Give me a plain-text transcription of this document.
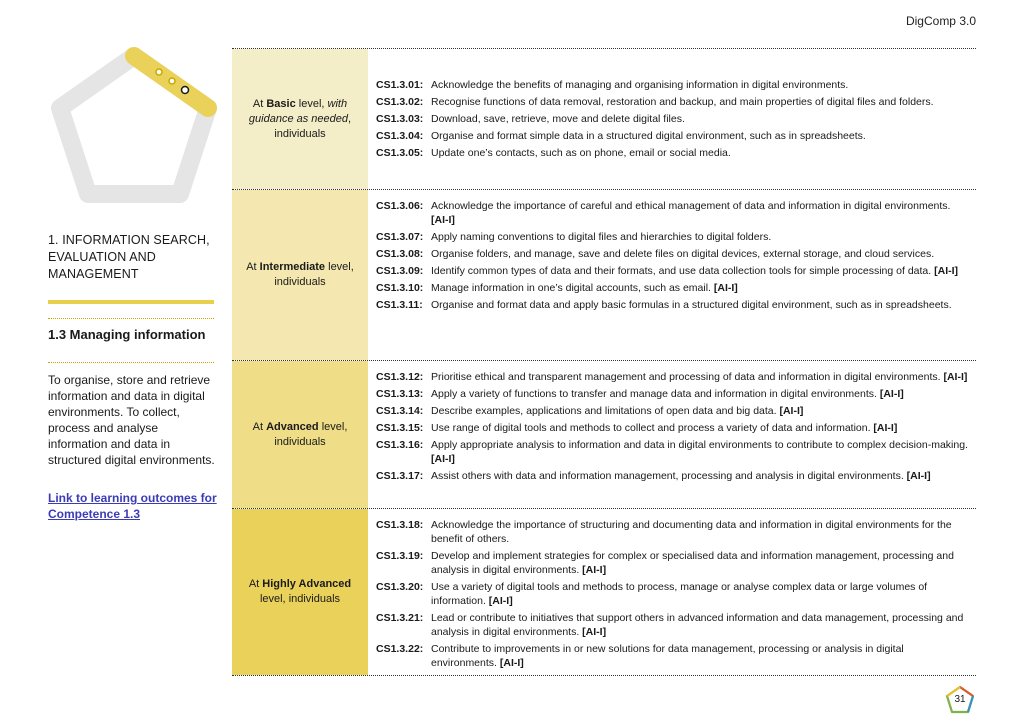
DigComp 3.0
1. INFORMATION SEARCH, EVALUATION AND MANAGEMENT
1.3 Managing information
To organise, store and retrieve information and data in digital environments. To collect, process and analyse information and data in structured digital environments.
Link to learning outcomes for Competence 1.3
At Basic level, with guidance as needed, individuals
CS1.3.01: Acknowledge the benefits of managing and organising information in digital environments.
CS1.3.02: Recognise functions of data removal, restoration and backup, and main properties of digital files and folders.
CS1.3.03: Download, save, retrieve, move and delete digital files.
CS1.3.04: Organise and format simple data in a structured digital environment, such as in spreadsheets.
CS1.3.05: Update one’s contacts, such as on phone, email or social media.
At Intermediate level, individuals
CS1.3.06: Acknowledge the importance of careful and ethical management of data and information in digital environments. [AI-I]
CS1.3.07: Apply naming conventions to digital files and hierarchies to digital folders.
CS1.3.08: Organise folders, and manage, save and delete files on digital devices, external storage, and cloud services.
CS1.3.09: Identify common types of data and their formats, and use data collection tools for simple processing of data. [AI-I]
CS1.3.10: Manage information in one’s digital accounts, such as email. [AI-I]
CS1.3.11: Organise and format data and apply basic formulas in a structured digital environment, such as in spreadsheets.
At Advanced level, individuals
CS1.3.12: Prioritise ethical and transparent management and processing of data and information in digital environments. [AI-I]
CS1.3.13: Apply a variety of functions to transfer and manage data and information in digital environments. [AI-I]
CS1.3.14: Describe examples, applications and limitations of open data and big data. [AI-I]
CS1.3.15: Use range of digital tools and methods to collect and process a variety of data and information. [AI-I]
CS1.3.16: Apply appropriate analysis to information and data in digital environments to contribute to complex decision-making. [AI-I]
CS1.3.17: Assist others with data and information management, processing and analysis in digital environments. [AI-I]
At Highly Advanced level, individuals
CS1.3.18: Acknowledge the importance of structuring and documenting data and information in digital environments for the benefit of others.
CS1.3.19: Develop and implement strategies for complex or specialised data and information management, processing and analysis in digital environments. [AI-I]
CS1.3.20: Use a variety of digital tools and methods to process, manage or analyse complex data or large volumes of information. [AI-I]
CS1.3.21: Lead or contribute to initiatives that support others in advanced information and data management, processing and analysis in digital environments. [AI-I]
CS1.3.22: Contribute to improvements in or new solutions for data management, processing or analysis in digital environments. [AI-I]
31
